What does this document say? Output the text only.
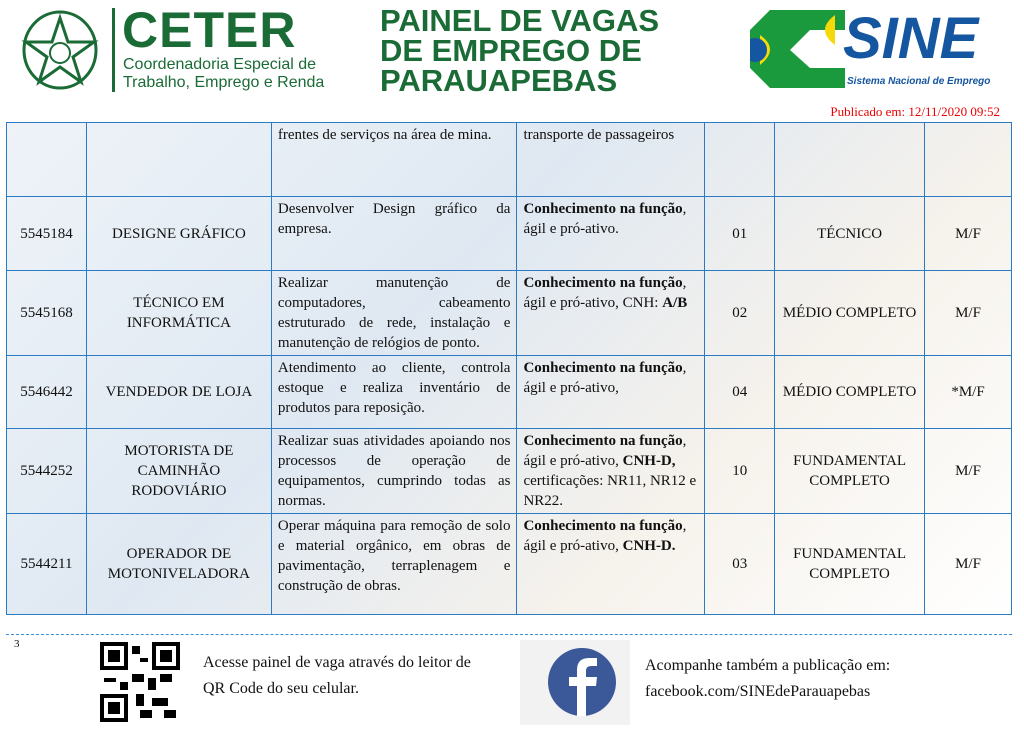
CETER
Coordenadoria Especial de
Trabalho, Emprego e Renda
PAINEL DE VAGAS
DE EMPREGO DE
PARAUAPEBAS
SINE
Sistema Nacional de Emprego
Publicado em: 12/11/2020 09:52
		frentes de serviços na área de mina.	transporte de passageiros			
5545184	DESIGNE GRÁFICO	Desenvolver Design gráfico da empresa.	Conhecimento na função, ágil e pró-ativo.	01	TÉCNICO	M/F
5545168	TÉCNICO EM INFORMÁTICA	Realizar manutenção de computadores, cabeamento estruturado de rede, instalação e manutenção de relógios de ponto.	Conhecimento na função, ágil e pró-ativo, CNH: A/B	02	MÉDIO COMPLETO	M/F
5546442	VENDEDOR DE LOJA	Atendimento ao cliente, controla estoque e realiza inventário de produtos para reposição.	Conhecimento na função, ágil e pró-ativo,	04	MÉDIO COMPLETO	*M/F
5544252	MOTORISTA DE CAMINHÃO RODOVIÁRIO	Realizar suas atividades apoiando nos processos de operação de equipamentos, cumprindo todas as normas.	Conhecimento na função, ágil e pró-ativo, CNH-D, certificações: NR11, NR12 e NR22.	10	FUNDAMENTAL COMPLETO	M/F
5544211	OPERADOR DE MOTONIVELADORA	Operar máquina para remoção de solo e material orgânico, em obras de pavimentação, terraplenagem e construção de obras.	Conhecimento na função, ágil e pró-ativo, CNH-D.	03	FUNDAMENTAL COMPLETO	M/F
3
Acesse painel de vaga através do leitor de
QR Code do seu celular.
Acompanhe também a publicação em:
facebook.com/SINEdeParauapebas
